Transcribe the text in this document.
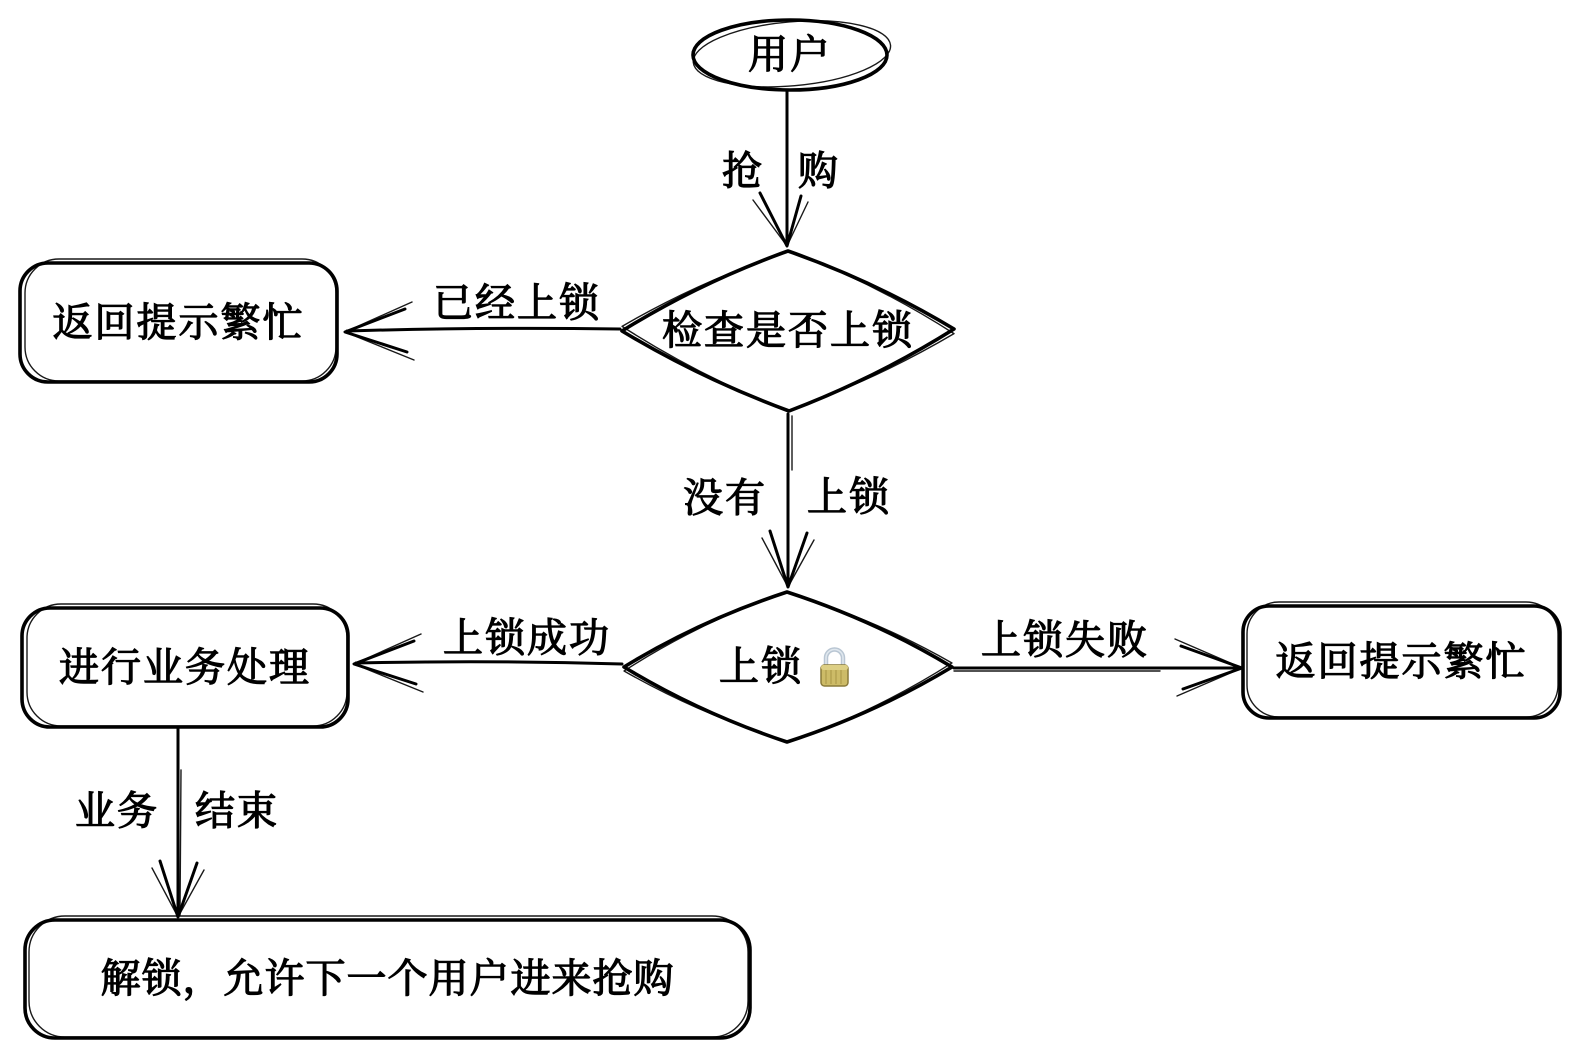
用户
检查是否上锁
返回提示繁忙
上锁
进行业务处理	返回提示繁忙
解锁，允许下一个用户进来抢购
抢 购
已经上锁
没有 上锁
上锁成功	上锁失败
业务 结束
